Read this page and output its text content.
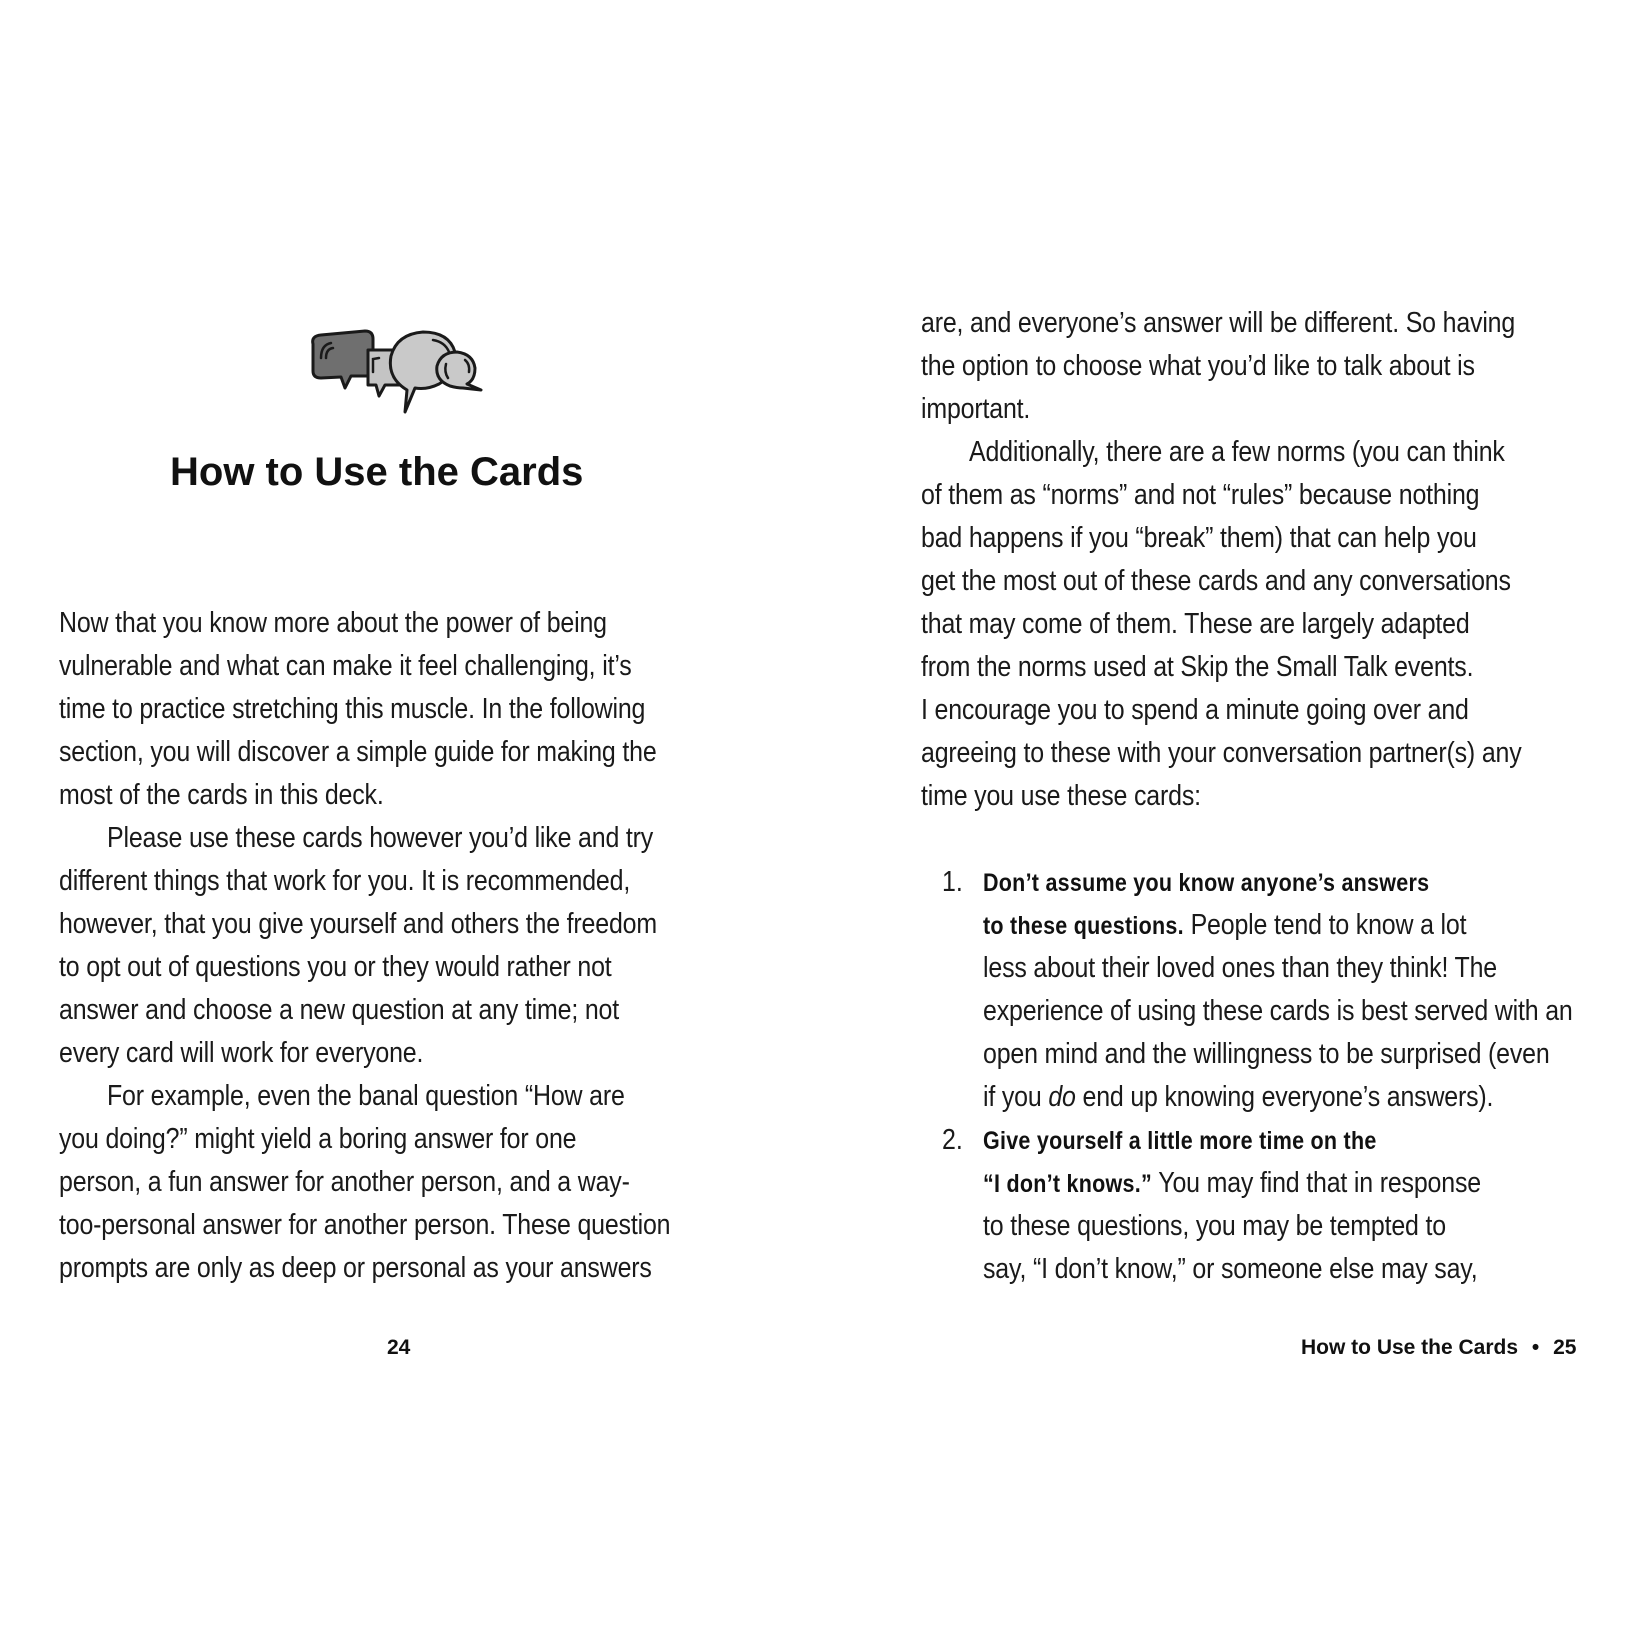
How to Use the Cards
Now that you know more about the power of being
vulnerable and what can make it feel challenging, it’s
time to practice stretching this muscle. In the following
section, you will discover a simple guide for making the
most of the cards in this deck.
Please use these cards however you’d like and try
different things that work for you. It is recommended,
however, that you give yourself and others the freedom
to opt out of questions you or they would rather not
answer and choose a new question at any time; not
every card will work for everyone.
For example, even the banal question “How are
you doing?” might yield a boring answer for one
person, a fun answer for another person, and a way-
too-personal answer for another person. These question
prompts are only as deep or personal as your answers
24
are, and everyone’s answer will be different. So having
the option to choose what you’d like to talk about is
important.
Additionally, there are a few norms (you can think
of them as “norms” and not “rules” because nothing
bad happens if you “break” them) that can help you
get the most out of these cards and any conversations
that may come of them. These are largely adapted
from the norms used at Skip the Small Talk events.
I encourage you to spend a minute going over and
agreeing to these with your conversation partner(s) any
time you use these cards:
1. Don’t assume you know anyone’s answers
to these questions. People tend to know a lot
less about their loved ones than they think! The
experience of using these cards is best served with an
open mind and the willingness to be surprised (even
if you do end up knowing everyone’s answers).
2. Give yourself a little more time on the
“I don’t knows.” You may find that in response
to these questions, you may be tempted to
say, “I don’t know,” or someone else may say,
How to Use the Cards • 25
